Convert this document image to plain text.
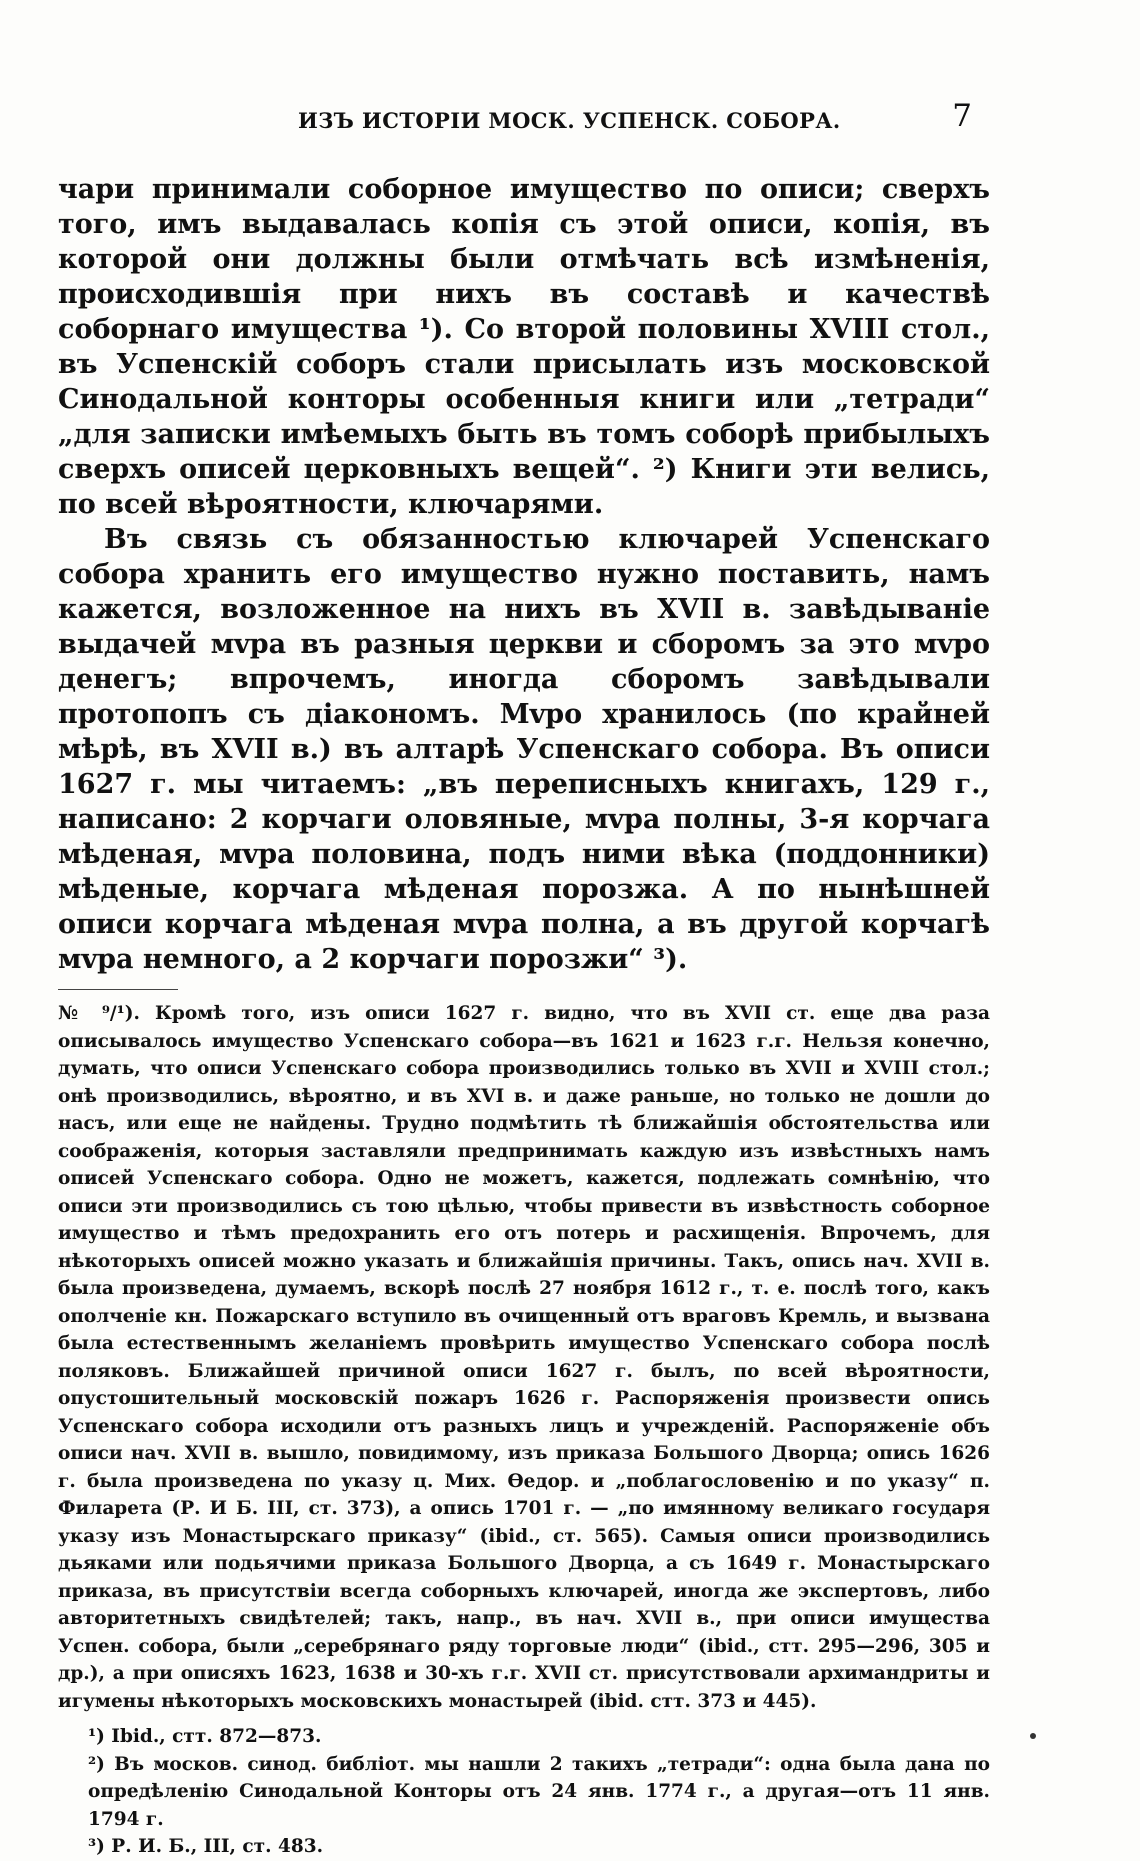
ИЗЪ ИСТОРІИ МОСК. УСПЕНСК. СОБОРА.	7

чари принимали соборное имущество по описи; сверхъ того, имъ выдавалась копія съ этой описи, копія, въ которой они должны были отмѣчать всѣ измѣненія, происходившія при нихъ въ составѣ и качествѣ соборнаго имущества ¹). Со второй половины XVIII стол., въ Успенскій соборъ стали присылать изъ московской Синодальной конторы особенныя книги или „тетради“ „для записки имѣемыхъ быть въ томъ соборѣ прибылыхъ сверхъ описей церковныхъ вещей“. ²) Книги эти велись, по всей вѣроятности, ключарями.

Въ связь съ обязанностью ключарей Успенскаго собора хранить его имущество нужно поставить, намъ кажется, возложенное на нихъ въ XVII в. завѣдываніе выдачей мvра въ разныя церкви и сборомъ за это мvро денегъ; впрочемъ, иногда сборомъ завѣдывали протопопъ съ діакономъ. Мvро хранилось (по крайней мѣрѣ, въ XVII в.) въ алтарѣ Успенскаго собора. Въ описи 1627 г. мы читаемъ: „въ переписныхъ книгахъ, 129 г., написано: 2 корчаги оловяные, мvра полны, 3-я корчага мѣденая, мvра половина, подъ ними вѣка (поддонники) мѣденые, корчага мѣденая порозжа. А по нынѣшней описи корчага мѣденая мvра полна, а въ другой корчагѣ мvра немного, а 2 корчаги порозжи“ ³).

№ ⁹/¹). Кромѣ того, изъ описи 1627 г. видно, что въ XVII ст. еще два раза описывалось имущество Успенскаго собора—въ 1621 и 1623 г.г. Нельзя конечно, думать, что описи Успенскаго собора производились только въ XVII и XVIII стол.; онѣ производились, вѣроятно, и въ XVI в. и даже раньше, но только не дошли до насъ, или еще не найдены. Трудно подмѣтить тѣ ближайшія обстоятельства или соображенія, которыя заставляли предпринимать каждую изъ извѣстныхъ намъ описей Успенскаго собора. Одно не можетъ, кажется, подлежать сомнѣнію, что описи эти производились съ тою цѣлью, чтобы привести въ извѣстность соборное имущество и тѣмъ предохранить его отъ потерь и расхищенія. Впрочемъ, для нѣкоторыхъ описей можно указать и ближайшія причины. Такъ, опись нач. XVII в. была произведена, думаемъ, вскорѣ послѣ 27 ноября 1612 г., т. е. послѣ того, какъ ополченіе кн. Пожарскаго вступило въ очищенный отъ враговъ Кремль, и вызвана была естественнымъ желаніемъ провѣрить имущество Успенскаго собора послѣ поляковъ. Ближайшей причиной описи 1627 г. былъ, по всей вѣроятности, опустошительный московскій пожаръ 1626 г. Распоряженія произвести опись Успенскаго собора исходили отъ разныхъ лицъ и учрежденій. Распоряженіе объ описи нач. XVII в. вышло, повидимому, изъ приказа Большого Дворца; опись 1626 г. была произведена по указу ц. Мих. Өедор. и „поблагословенію и по указу“ п. Филарета (Р. И Б. III, ст. 373), а опись 1701 г. — „по имянному великаго государя указу изъ Монастырскаго приказу“ (ibid., ст. 565). Самыя описи производились дьяками или подьячими приказа Большого Дворца, а съ 1649 г. Монастырскаго приказа, въ присутствіи всегда соборныхъ ключарей, иногда же экспертовъ, либо авторитетныхъ свидѣтелей; такъ, напр., въ нач. XVII в., при описи имущества Успен. собора, были „серебрянаго ряду торговые люди“ (ibid., стт. 295—296, 305 и др.), а при описяхъ 1623, 1638 и 30-хъ г.г. XVII ст. присутствовали архимандриты и игумены нѣкоторыхъ московскихъ монастырей (ibid. стт. 373 и 445).

¹) Ibid., стт. 872—873.

²) Въ москов. синод. библіот. мы нашли 2 такихъ „тетради“: одна была дана по опредѣленію Синодальной Конторы отъ 24 янв. 1774 г., а другая—отъ 11 янв. 1794 г.

³) Р. И. Б., III, ст. 483.
